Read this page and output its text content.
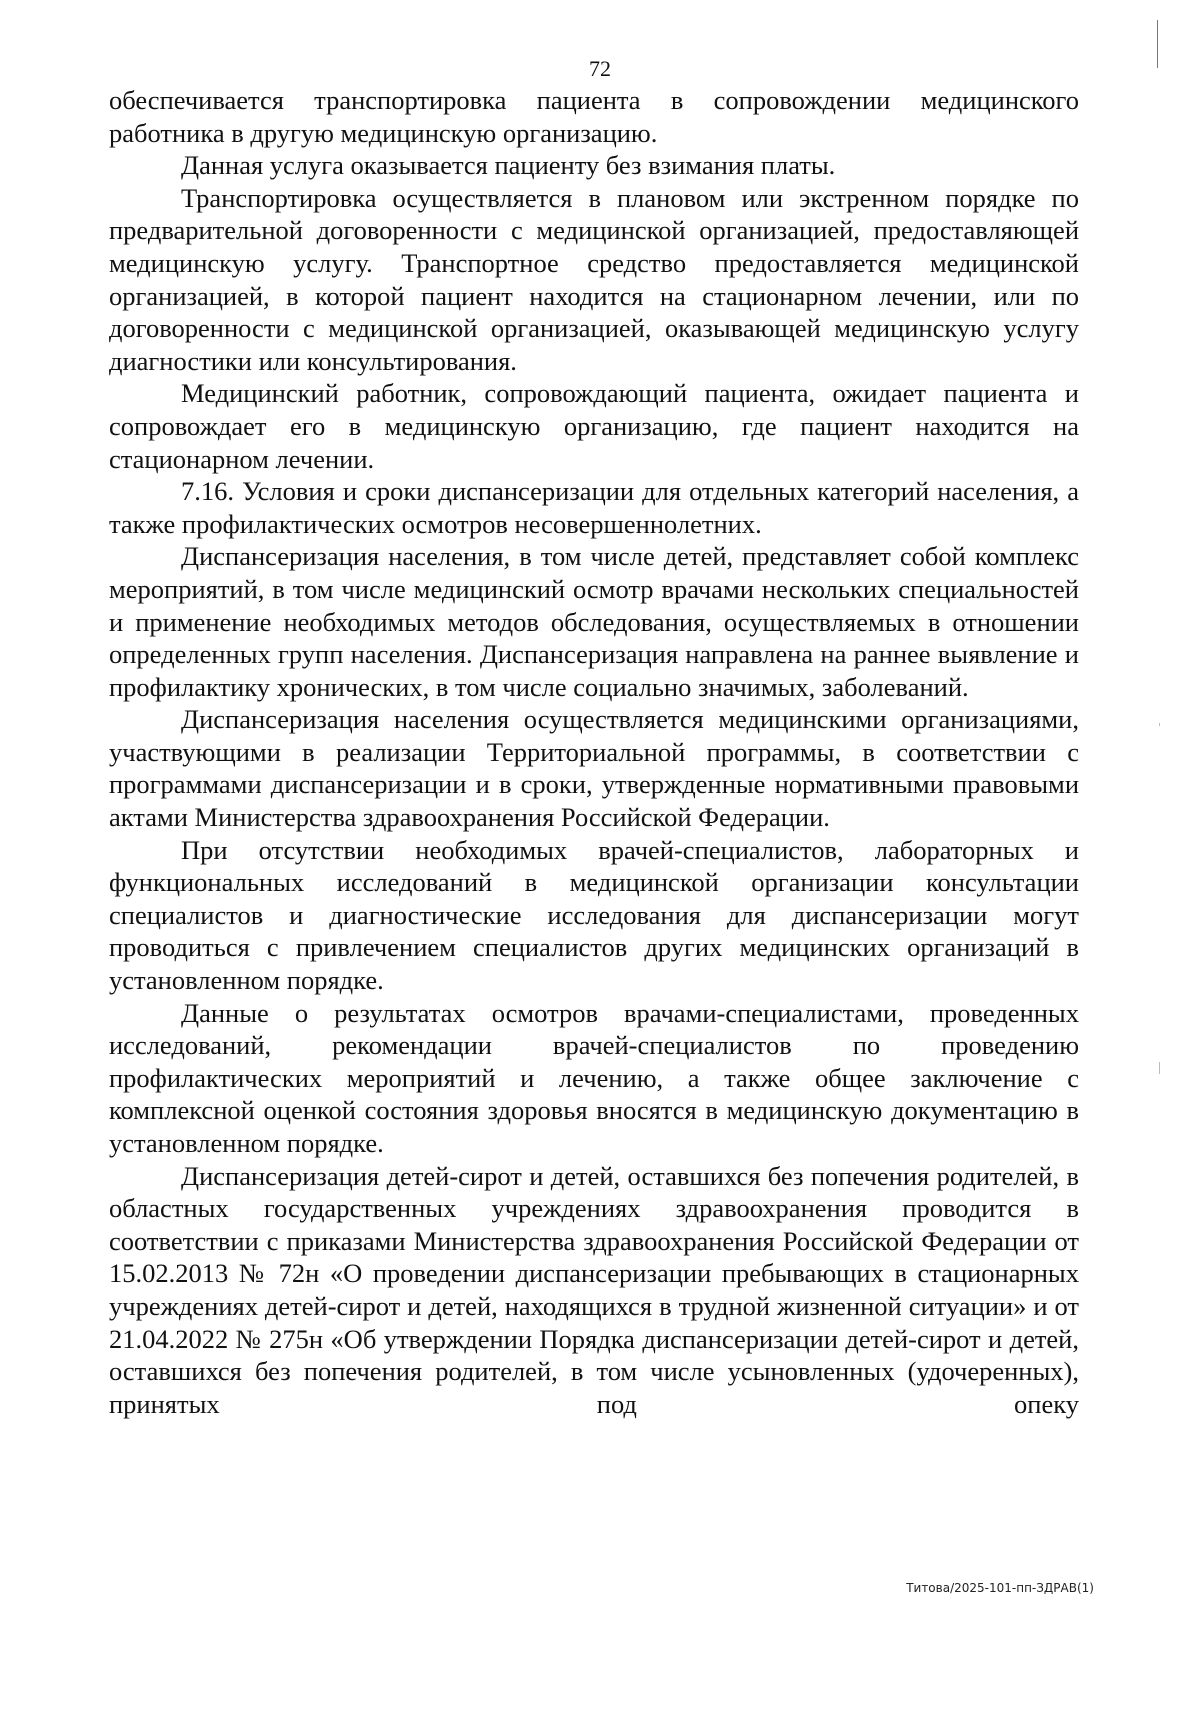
72

обеспечивается транспортировка пациента в сопровождении медицинского работника в другую медицинскую организацию.

Данная услуга оказывается пациенту без взимания платы.

Транспортировка осуществляется в плановом или экстренном порядке по предварительной договоренности с медицинской организацией, предоставляющей медицинскую услугу. Транспортное средство предоставляется медицинской организацией, в которой пациент находится на стационарном лечении, или по договоренности с медицинской организацией, оказывающей медицинскую услугу диагностики или консультирования.

Медицинский работник, сопровождающий пациента, ожидает пациента и сопровождает его в медицинскую организацию, где пациент находится на стационарном лечении.

7.16. Условия и сроки диспансеризации для отдельных категорий населения, а также профилактических осмотров несовершеннолетних.

Диспансеризация населения, в том числе детей, представляет собой комплекс мероприятий, в том числе медицинский осмотр врачами нескольких специальностей и применение необходимых методов обследования, осуществляемых в отношении определенных групп населения. Диспансеризация направлена на раннее выявление и профилактику хронических, в том числе социально значимых, заболеваний.

Диспансеризация населения осуществляется медицинскими организациями, участвующими в реализации Территориальной программы, в соответствии с программами диспансеризации и в сроки, утвержденные нормативными правовыми актами Министерства здравоохранения Российской Федерации.

При отсутствии необходимых врачей-специалистов, лабораторных и функциональных исследований в медицинской организации консультации специалистов и диагностические исследования для диспансеризации могут проводиться с привлечением специалистов других медицинских организаций в установленном порядке.

Данные о результатах осмотров врачами-специалистами, проведенных исследований, рекомендации врачей-специалистов по проведению профилактических мероприятий и лечению, а также общее заключение с комплексной оценкой состояния здоровья вносятся в медицинскую документацию в установленном порядке.

Диспансеризация детей-сирот и детей, оставшихся без попечения родителей, в областных государственных учреждениях здравоохранения проводится в соответствии с приказами Министерства здравоохранения Российской Федерации от 15.02.2013 № 72н «О проведении диспансеризации пребывающих в стационарных учреждениях детей-сирот и детей, находящихся в трудной жизненной ситуации» и от 21.04.2022 № 275н «Об утверждении Порядка диспансеризации детей-сирот и детей, оставшихся без попечения родителей, в том числе усыновленных (удочеренных), принятых под опеку

Титова/2025-101-пп-ЗДРАВ(1)
